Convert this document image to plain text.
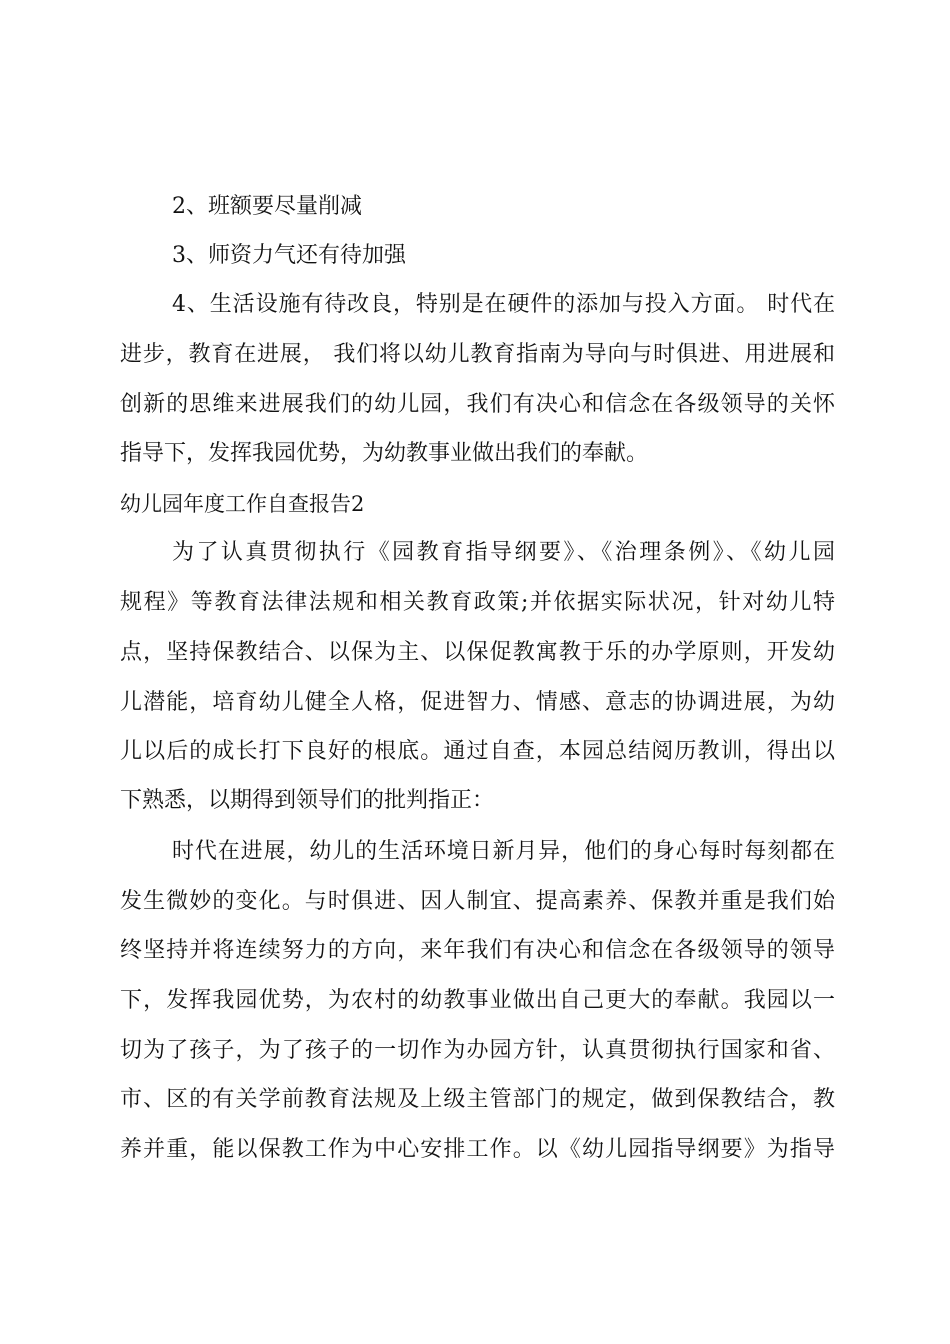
2、班额要尽量削减

3、师资力气还有待加强

4、生活设施有待改良，特别是在硬件的添加与投入方面。 时代在

进步，教育在进展， 我们将以幼儿教育指南为导向与时俱进、用进展和

创新的思维来进展我们的幼儿园，我们有决心和信念在各级领导的关怀

指导下，发挥我园优势，为幼教事业做出我们的奉献。

幼儿园年度工作自查报告2

为了认真贯彻执行《园教育指导纲要》、《治理条例》、《幼儿园

规程》等教育法律法规和相关教育政策;并依据实际状况，针对幼儿特

点，坚持保教结合、以保为主、以保促教寓教于乐的办学原则，开发幼

儿潜能，培育幼儿健全人格，促进智力、情感、意志的协调进展，为幼

儿以后的成长打下良好的根底。通过自查，本园总结阅历教训，得出以

下熟悉，以期得到领导们的批判指正：

时代在进展，幼儿的生活环境日新月异，他们的身心每时每刻都在

发生微妙的变化。与时俱进、因人制宜、提高素养、保教并重是我们始

终坚持并将连续努力的方向，来年我们有决心和信念在各级领导的领导

下，发挥我园优势，为农村的幼教事业做出自己更大的奉献。我园以一

切为了孩子，为了孩子的一切作为办园方针，认真贯彻执行国家和省、

市、区的有关学前教育法规及上级主管部门的规定，做到保教结合，教

养并重，能以保教工作为中心安排工作。以《幼儿园指导纲要》为指导
